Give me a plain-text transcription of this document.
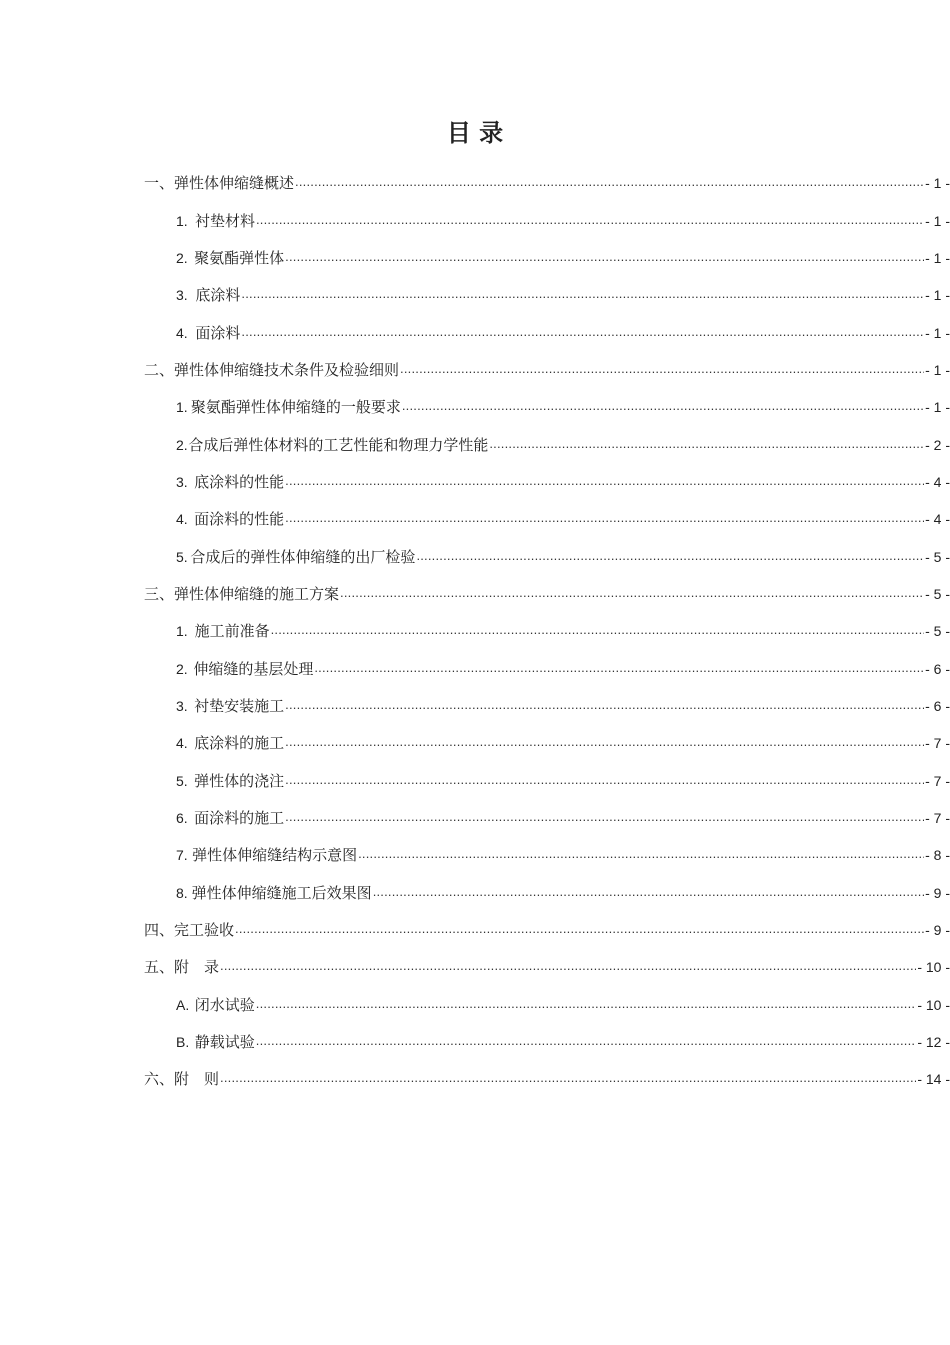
目 录
一、 弹性体伸缩缝概述 .....	- 1 -
1. 衬垫材料 .....	- 1 -
2. 聚氨酯弹性体 .....	- 1 -
3. 底涂料 .....	- 1 -
4. 面涂料 .....	- 1 -
二、 弹性体伸缩缝技术条件及检验细则 .....	- 1 -
1. 聚氨酯弹性体伸缩缝的一般要求 .....	- 1 -
2. 合成后弹性体材料的工艺性能和物理力学性能 .....	- 2 -
3. 底涂料的性能 .....	- 4 -
4. 面涂料的性能 .....	- 4 -
5. 合成后的弹性体伸缩缝的出厂检验 .....	- 5 -
三、 弹性体伸缩缝的施工方案 .....	- 5 -
1. 施工前准备 .....	- 5 -
2. 伸缩缝的基层处理 .....	- 6 -
3. 衬垫安装施工 .....	- 6 -
4. 底涂料的施工 .....	- 7 -
5. 弹性体的浇注 .....	- 7 -
6. 面涂料的施工 .....	- 7 -
7. 弹性体伸缩缝结构示意图 .....	- 8 -
8. 弹性体伸缩缝施工后效果图 .....	- 9 -
四、 完工验收 .....	- 9 -
五、 附　录 .....	- 10 -
A. 闭水试验 .....	- 10 -
B. 静载试验 .....	- 12 -
六、 附　则 .....	- 14 -
